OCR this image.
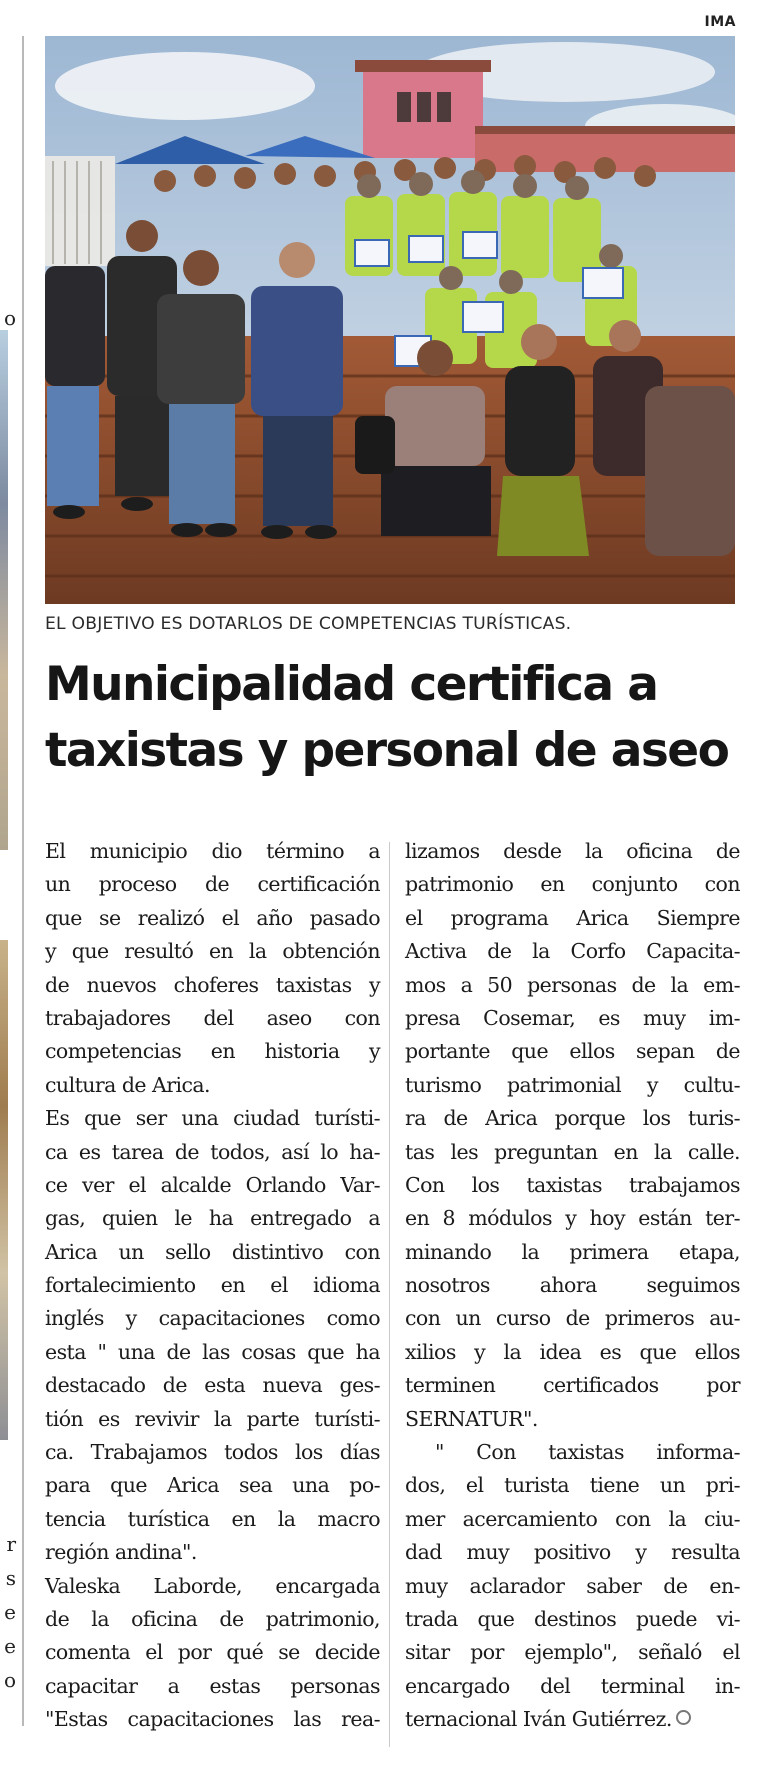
o
r
s
e
e
o
IMA
EL OBJETIVO ES DOTARLOS DE COMPETENCIAS TURÍSTICAS.
Municipalidad certifica a
taxistas y personal de aseo
El municipio dio término a
un proceso de certificación
que se realizó el año pasado
y que resultó en la obtención
de nuevos choferes taxistas y
trabajadores del aseo con
competencias en historia y
cultura de Arica.
Es que ser una ciudad turísti-
ca es tarea de todos, así lo ha-
ce ver el alcalde Orlando Var-
gas, quien le ha entregado a
Arica un sello distintivo con
fortalecimiento en el idioma
inglés y capacitaciones como
esta " una de las cosas que ha
destacado de esta nueva ges-
tión es revivir la parte turísti-
ca. Trabajamos todos los días
para que Arica sea una po-
tencia turística en la macro
región andina".
Valeska Laborde, encargada
de la oficina de patrimonio,
comenta el por qué se decide
capacitar a estas personas
"Estas capacitaciones las rea-
lizamos desde la oficina de
patrimonio en conjunto con
el programa Arica Siempre
Activa de la Corfo Capacita-
mos a 50 personas de la em-
presa Cosemar, es muy im-
portante que ellos sepan de
turismo patrimonial y cultu-
ra de Arica porque los turis-
tas les preguntan en la calle.
Con los taxistas trabajamos
en 8 módulos y hoy están ter-
minando la primera etapa,
nosotros ahora seguimos
con un curso de primeros au-
xilios y la idea es que ellos
terminen certificados por
SERNATUR".
" Con taxistas informa-
dos, el turista tiene un pri-
mer acercamiento con la ciu-
dad muy positivo y resulta
muy aclarador saber de en-
trada que destinos puede vi-
sitar por ejemplo", señaló el
encargado del terminal in-
ternacional Iván Gutiérrez.
